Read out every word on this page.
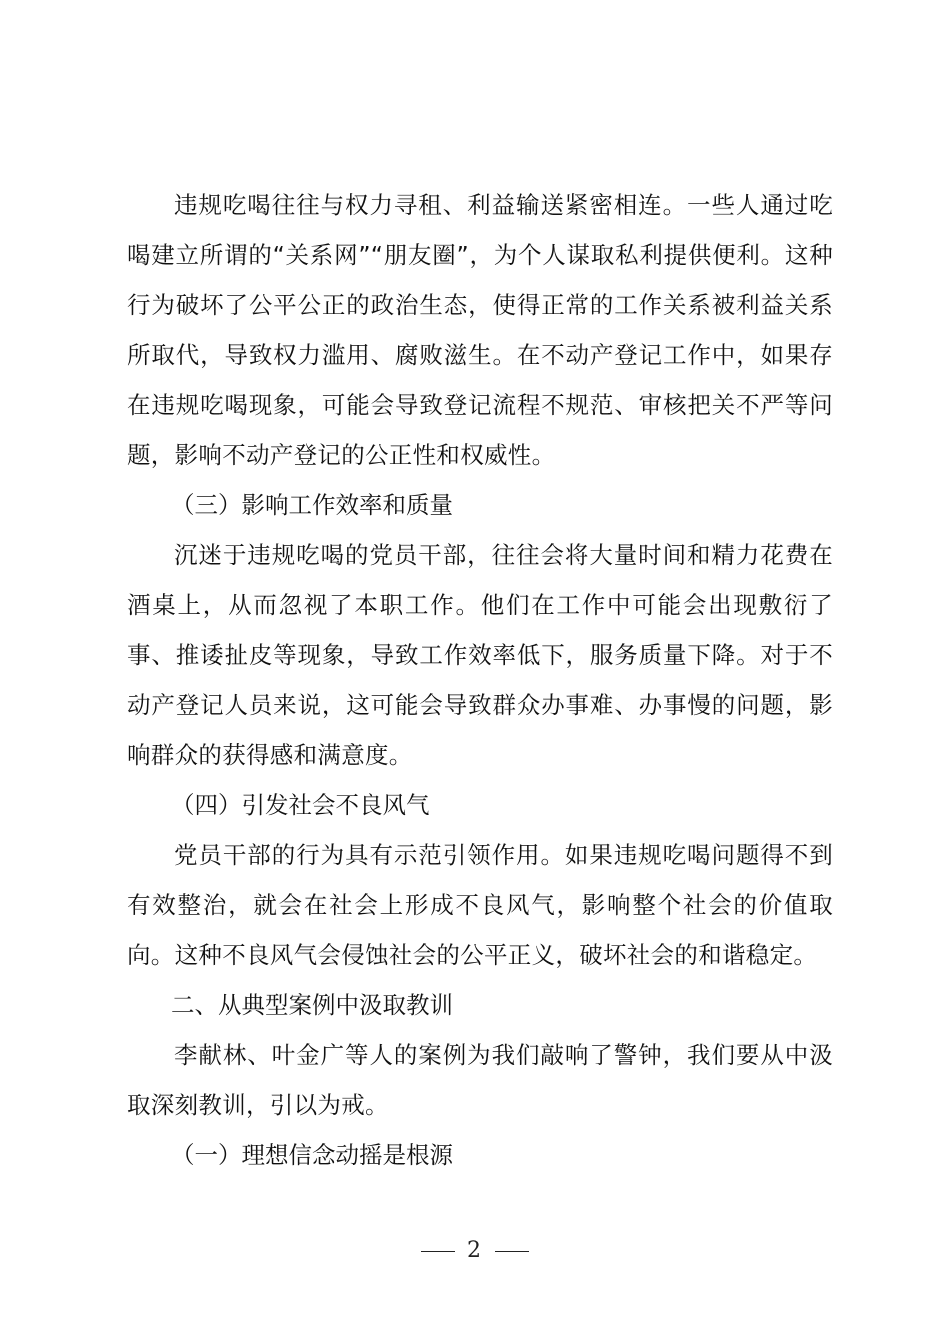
违规吃喝往往与权力寻租、利益输送紧密相连。一些人通过吃喝建立所谓的“关系网”“朋友圈”，为个人谋取私利提供便利。这种行为破坏了公平公正的政治生态，使得正常的工作关系被利益关系所取代，导致权力滥用、腐败滋生。在不动产登记工作中，如果存在违规吃喝现象，可能会导致登记流程不规范、审核把关不严等问题，影响不动产登记的公正性和权威性。

（三）影响工作效率和质量

沉迷于违规吃喝的党员干部，往往会将大量时间和精力花费在酒桌上，从而忽视了本职工作。他们在工作中可能会出现敷衍了事、推诿扯皮等现象，导致工作效率低下，服务质量下降。对于不动产登记人员来说，这可能会导致群众办事难、办事慢的问题，影响群众的获得感和满意度。

（四）引发社会不良风气

党员干部的行为具有示范引领作用。如果违规吃喝问题得不到有效整治，就会在社会上形成不良风气，影响整个社会的价值取向。这种不良风气会侵蚀社会的公平正义，破坏社会的和谐稳定。

二、从典型案例中汲取教训

李献林、叶金广等人的案例为我们敲响了警钟，我们要从中汲取深刻教训，引以为戒。

（一）理想信念动摇是根源

2
